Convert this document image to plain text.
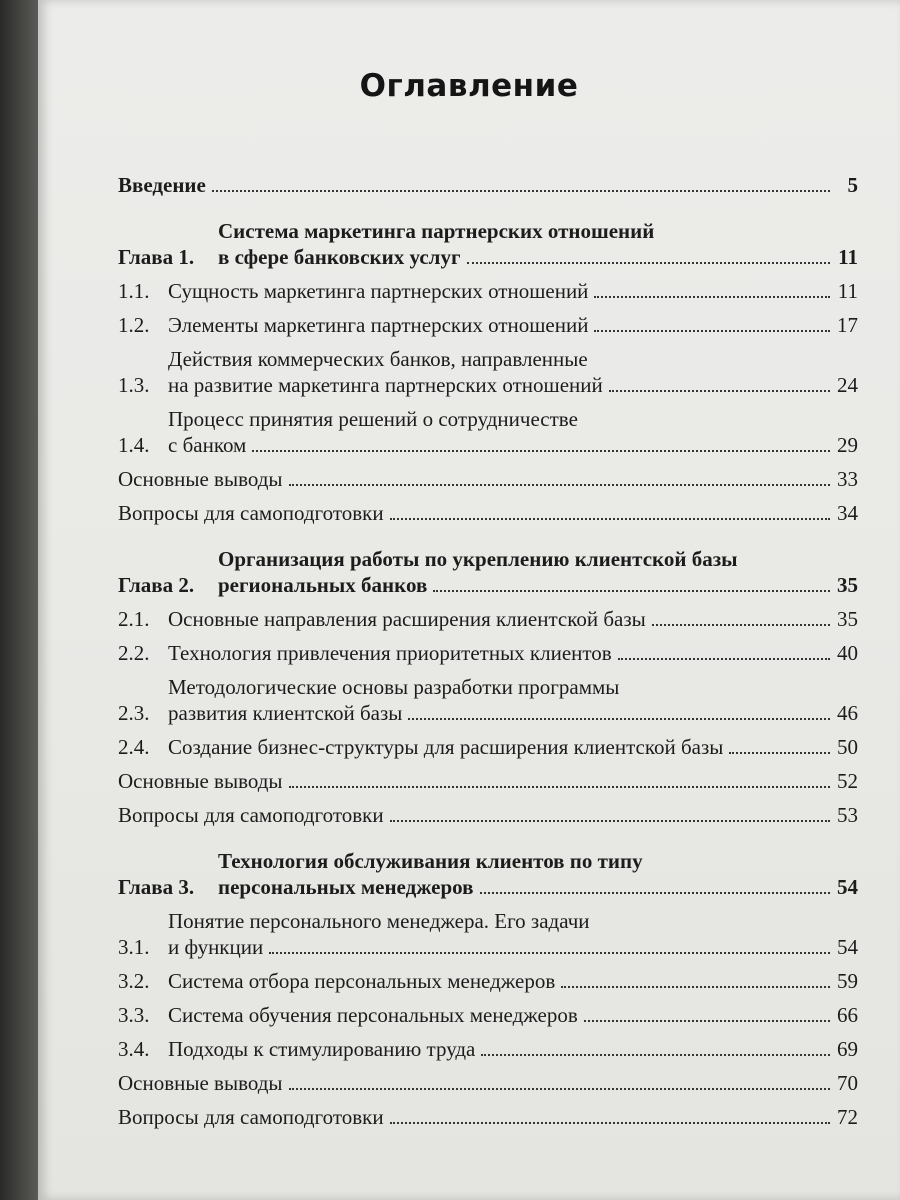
Оглавление
Введение	5
Глава 1.
Система маркетинга партнерских отношений
в сфере банковских услуг	11
1.1. Сущность маркетинга партнерских отношений	11
1.2. Элементы маркетинга партнерских отношений	17
1.3.
Действия коммерческих банков, направленные
на развитие маркетинга партнерских отношений	24
1.4.
Процесс принятия решений о сотрудничестве
с банком	29
Основные выводы	33
Вопросы для самоподготовки	34
Глава 2.
Организация работы по укреплению клиентской базы
региональных банков	35
2.1. Основные направления расширения клиентской базы	35
2.2. Технология привлечения приоритетных клиентов	40
2.3.
Методологические основы разработки программы
развития клиентской базы	46
2.4. Создание бизнес-структуры для расширения клиентской базы	50
Основные выводы	52
Вопросы для самоподготовки	53
Глава 3.
Технология обслуживания клиентов по типу
персональных менеджеров	54
3.1.
Понятие персонального менеджера. Его задачи
и функции	54
3.2. Система отбора персональных менеджеров	59
3.3. Система обучения персональных менеджеров	66
3.4. Подходы к стимулированию труда	69
Основные выводы	70
Вопросы для самоподготовки	72
